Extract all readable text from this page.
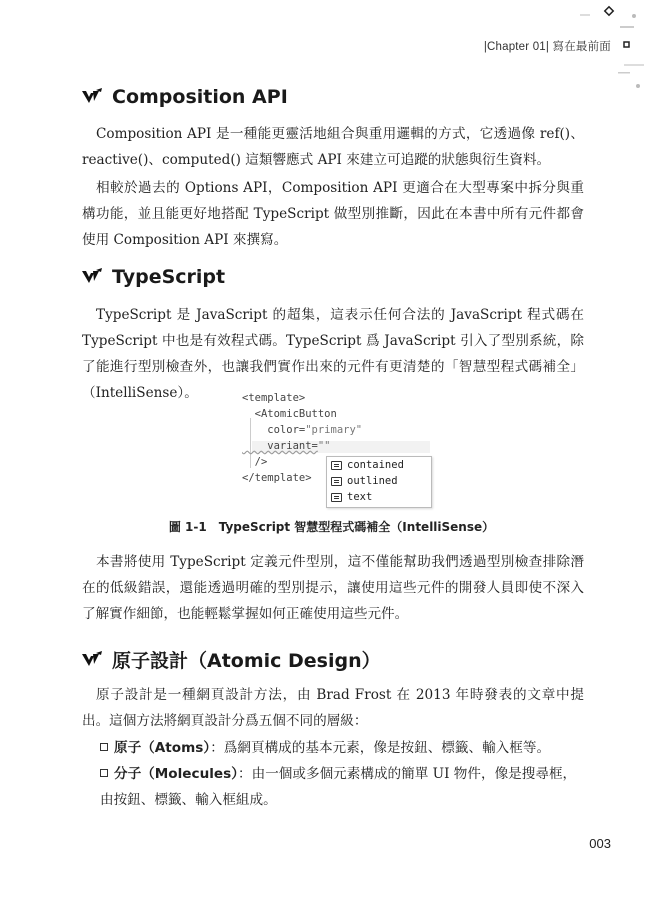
|Chapter 01| 寫在最前面
Composition API
Composition API 是一種能更靈活地組合與重用邏輯的方式，它透過像 ref()、reactive()、computed() 這類響應式 API 來建立可追蹤的狀態與衍生資料。
相較於過去的 Options API，Composition API 更適合在大型專案中拆分與重構功能，並且能更好地搭配 TypeScript 做型別推斷，因此在本書中所有元件都會使用 Composition API 來撰寫。
TypeScript
TypeScript 是 JavaScript 的超集，這表示任何合法的 JavaScript 程式碼在 TypeScript 中也是有效程式碼。TypeScript 爲 JavaScript 引入了型別系統，除了能進行型別檢查外，也讓我們實作出來的元件有更清楚的「智慧型程式碼補全」（IntelliSense）。	<template>
<AtomicButton
color="primary"
variant=""
/>
</template>
contained
outlined
text
圖 1-1　TypeScript 智慧型程式碼補全（IntelliSense）
本書將使用 TypeScript 定義元件型別，這不僅能幫助我們透過型別檢查排除潛在的低級錯誤，還能透過明確的型別提示，讓使用這些元件的開發人員即使不深入了解實作細節，也能輕鬆掌握如何正確使用這些元件。
原子設計（Atomic Design）
原子設計是一種網頁設計方法，由 Brad Frost 在 2013 年時發表的文章中提出。這個方法將網頁設計分爲五個不同的層級：
原子（Atoms）：爲網頁構成的基本元素，像是按鈕、標籤、輸入框等。
分子（Molecules）：由一個或多個元素構成的簡單 UI 物件，像是搜尋框，由按鈕、標籤、輸入框組成。
003
